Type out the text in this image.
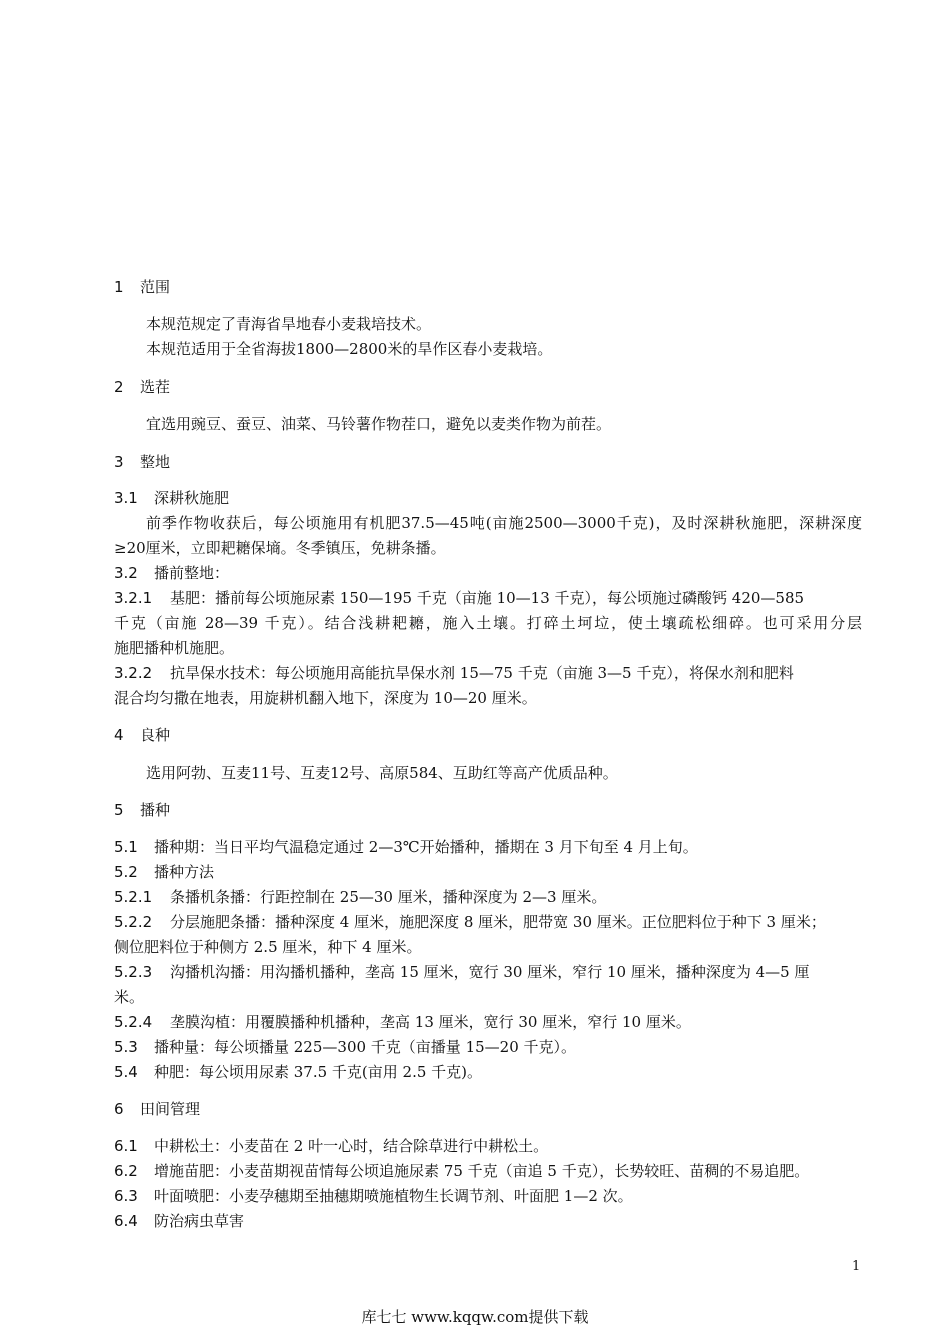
1 范围
本规范规定了青海省旱地春小麦栽培技术。
本规范适用于全省海拔1800—2800米的旱作区春小麦栽培。
2 选茬
宜选用豌豆、蚕豆、油菜、马铃薯作物茬口，避免以麦类作物为前茬。
3 整地
3.1 深耕秋施肥
前季作物收获后，每公顷施用有机肥37.5—45吨(亩施2500—3000千克)，及时深耕秋施肥，深耕深度
≥20厘米，立即耙耱保墒。冬季镇压，免耕条播。
3.2 播前整地：
3.2.1 基肥：播前每公顷施尿素 150—195 千克（亩施 10—13 千克），每公顷施过磷酸钙 420—585
千克（亩施 28—39 千克）。结合浅耕耙耱，施入土壤。打碎土坷垃，使土壤疏松细碎。也可采用分层
施肥播种机施肥。
3.2.2 抗旱保水技术：每公顷施用高能抗旱保水剂 15—75 千克（亩施 3—5 千克），将保水剂和肥料
混合均匀撒在地表，用旋耕机翻入地下，深度为 10—20 厘米。
4 良种
选用阿勃、互麦11号、互麦12号、高原584、互助红等高产优质品种。
5 播种
5.1 播种期：当日平均气温稳定通过 2—3℃开始播种，播期在 3 月下旬至 4 月上旬。
5.2 播种方法
5.2.1 条播机条播：行距控制在 25—30 厘米，播种深度为 2—3 厘米。
5.2.2 分层施肥条播：播种深度 4 厘米，施肥深度 8 厘米，肥带宽 30 厘米。正位肥料位于种下 3 厘米；
侧位肥料位于种侧方 2.5 厘米，种下 4 厘米。
5.2.3 沟播机沟播：用沟播机播种，垄高 15 厘米，宽行 30 厘米，窄行 10 厘米，播种深度为 4—5 厘
米。
5.2.4 垄膜沟植：用覆膜播种机播种，垄高 13 厘米，宽行 30 厘米，窄行 10 厘米。
5.3 播种量：每公顷播量 225—300 千克（亩播量 15—20 千克）。
5.4 种肥：每公顷用尿素 37.5 千克(亩用 2.5 千克)。
6 田间管理
6.1 中耕松土：小麦苗在 2 叶一心时，结合除草进行中耕松土。
6.2 增施苗肥：小麦苗期视苗情每公顷追施尿素 75 千克（亩追 5 千克），长势较旺、苗稠的不易追肥。
6.3 叶面喷肥：小麦孕穗期至抽穗期喷施植物生长调节剂、叶面肥 1—2 次。
6.4 防治病虫草害
1
库七七 www.kqqw.com提供下载
